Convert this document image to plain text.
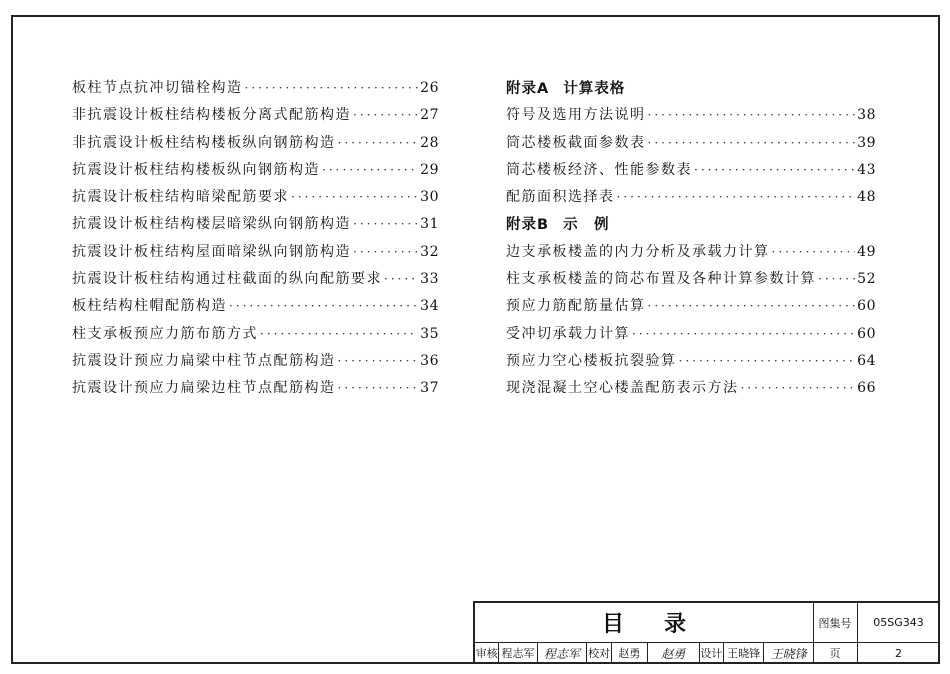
板柱节点抗冲切锚栓构造 ·····	26
非抗震设计板柱结构楼板分离式配筋构造 ·····	27
非抗震设计板柱结构楼板纵向钢筋构造 ·····	28
抗震设计板柱结构楼板纵向钢筋构造 ·····	29
抗震设计板柱结构暗梁配筋要求 ·····	30
抗震设计板柱结构楼层暗梁纵向钢筋构造 ·····	31
抗震设计板柱结构屋面暗梁纵向钢筋构造 ·····	32
抗震设计板柱结构通过柱截面的纵向配筋要求 ·····	33
板柱结构柱帽配筋构造 ·····	34
柱支承板预应力筋布筋方式 ·····	35
抗震设计预应力扁梁中柱节点配筋构造 ·····	36
抗震设计预应力扁梁边柱节点配筋构造 ·····	37
附录A 计算表格
符号及选用方法说明 ·····	38
筒芯楼板截面参数表 ·····	39
筒芯楼板经济、性能参数表 ·····	43
配筋面积选择表 ·····	48
附录B 示　例
边支承板楼盖的内力分析及承载力计算 ·····	49
柱支承板楼盖的筒芯布置及各种计算参数计算 ·····	52
预应力筋配筋量估算 ·····	60
受冲切承载力计算 ·····	60
预应力空心楼板抗裂验算 ·····	64
现浇混凝土空心楼盖配筋表示方法 ·····	66
目录	图集号	05SG343
审核 程志军 程志军 校对 赵勇	赵勇	设计 王晓锋 王晓锋	页	2
